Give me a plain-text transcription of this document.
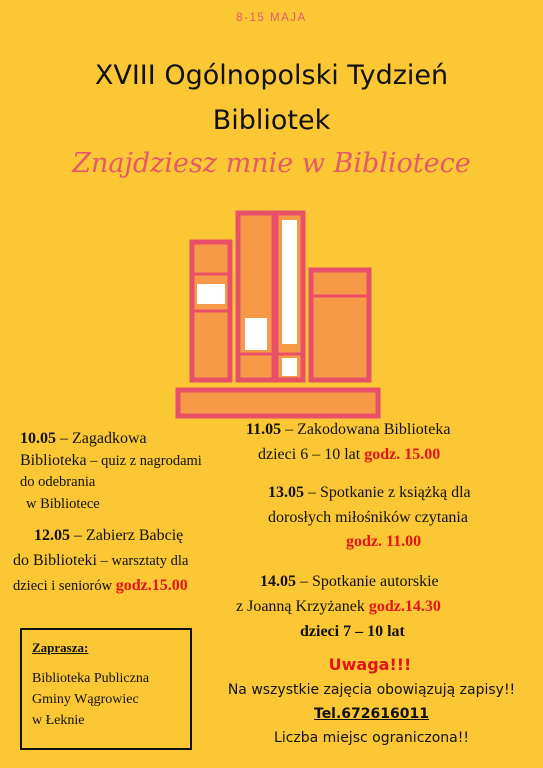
8-15 MAJA
XVIII Ogólnopolski Tydzień
Bibliotek
Znajdziesz mnie w Bibliotece
10.05 – Zagadkowa
Biblioteka – quiz z nagrodami
do odebrania
w Bibliotece
12.05 – Zabierz Babcię
do Biblioteki – warsztaty dla
dzieci i seniorów godz.15.00
11.05 – Zakodowana Biblioteka
dzieci 6 – 10 lat godz. 15.00
13.05 – Spotkanie z książką dla
dorosłych miłośników czytania
godz. 11.00
14.05 – Spotkanie autorskie
z Joanną Krzyżanek godz.14.30
dzieci 7 – 10 lat
Zaprasza:
Biblioteka Publiczna
Gminy Wągrowiec
w Łeknie
Uwaga!!!
Na wszystkie zajęcia obowiązują zapisy!!
Tel.672616011
Liczba miejsc ograniczona!!
